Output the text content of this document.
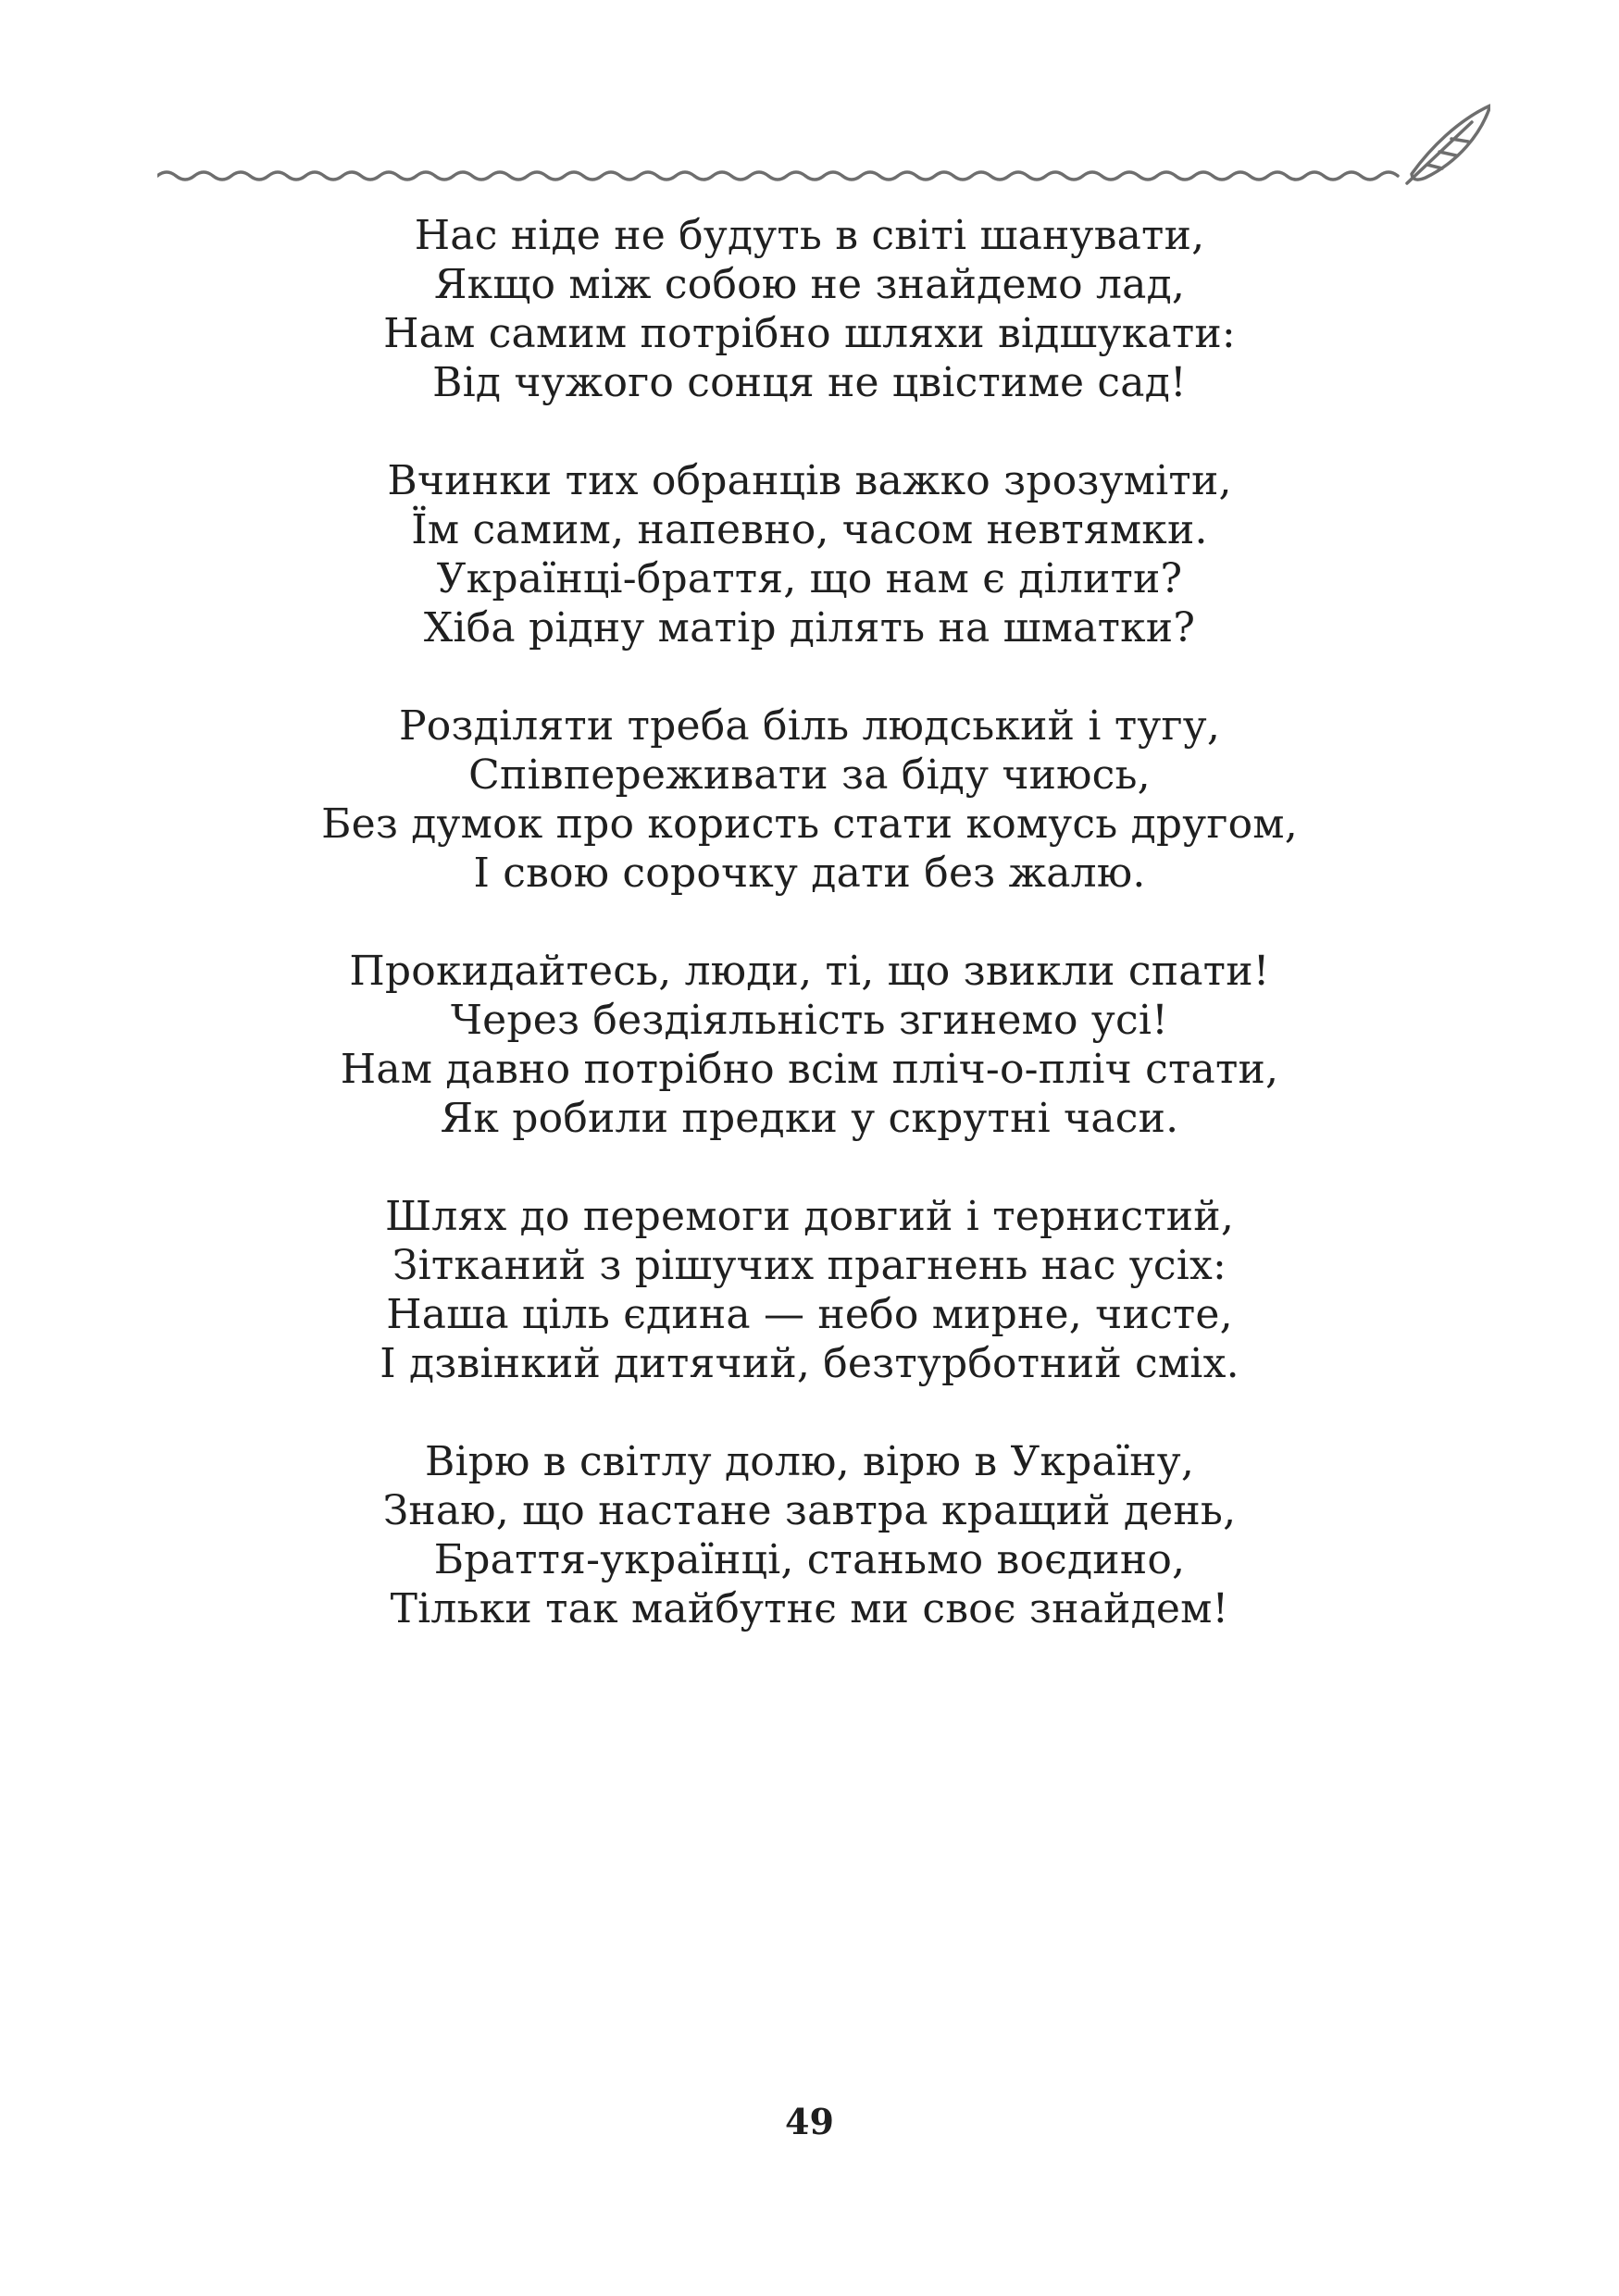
Нас ніде не будуть в світі шанувати,
Якщо між собою не знайдемо лад,
Нам самим потрібно шляхи відшукати:
Від чужого сонця не цвістиме сад!
Вчинки тих обранців важко зрозуміти,
Їм самим, напевно, часом невтямки.
Українці-браття, що нам є ділити?
Хіба рідну матір ділять на шматки?
Розділяти треба біль людський і тугу,
Співпереживати за біду чиюсь,
Без думок про користь стати комусь другом,
І свою сорочку дати без жалю.
Прокидайтесь, люди, ті, що звикли спати!
Через бездіяльність згинемо усі!
Нам давно потрібно всім пліч-о-пліч стати,
Як робили предки у скрутні часи.
Шлях до перемоги довгий і тернистий,
Зітканий з рішучих прагнень нас усіх:
Наша ціль єдина — небо мирне, чисте,
І дзвінкий дитячий, безтурботний сміх.
Вірю в світлу долю, вірю в Україну,
Знаю, що настане завтра кращий день,
Браття-українці, станьмо воєдино,
Тільки так майбутнє ми своє знайдем!
49
